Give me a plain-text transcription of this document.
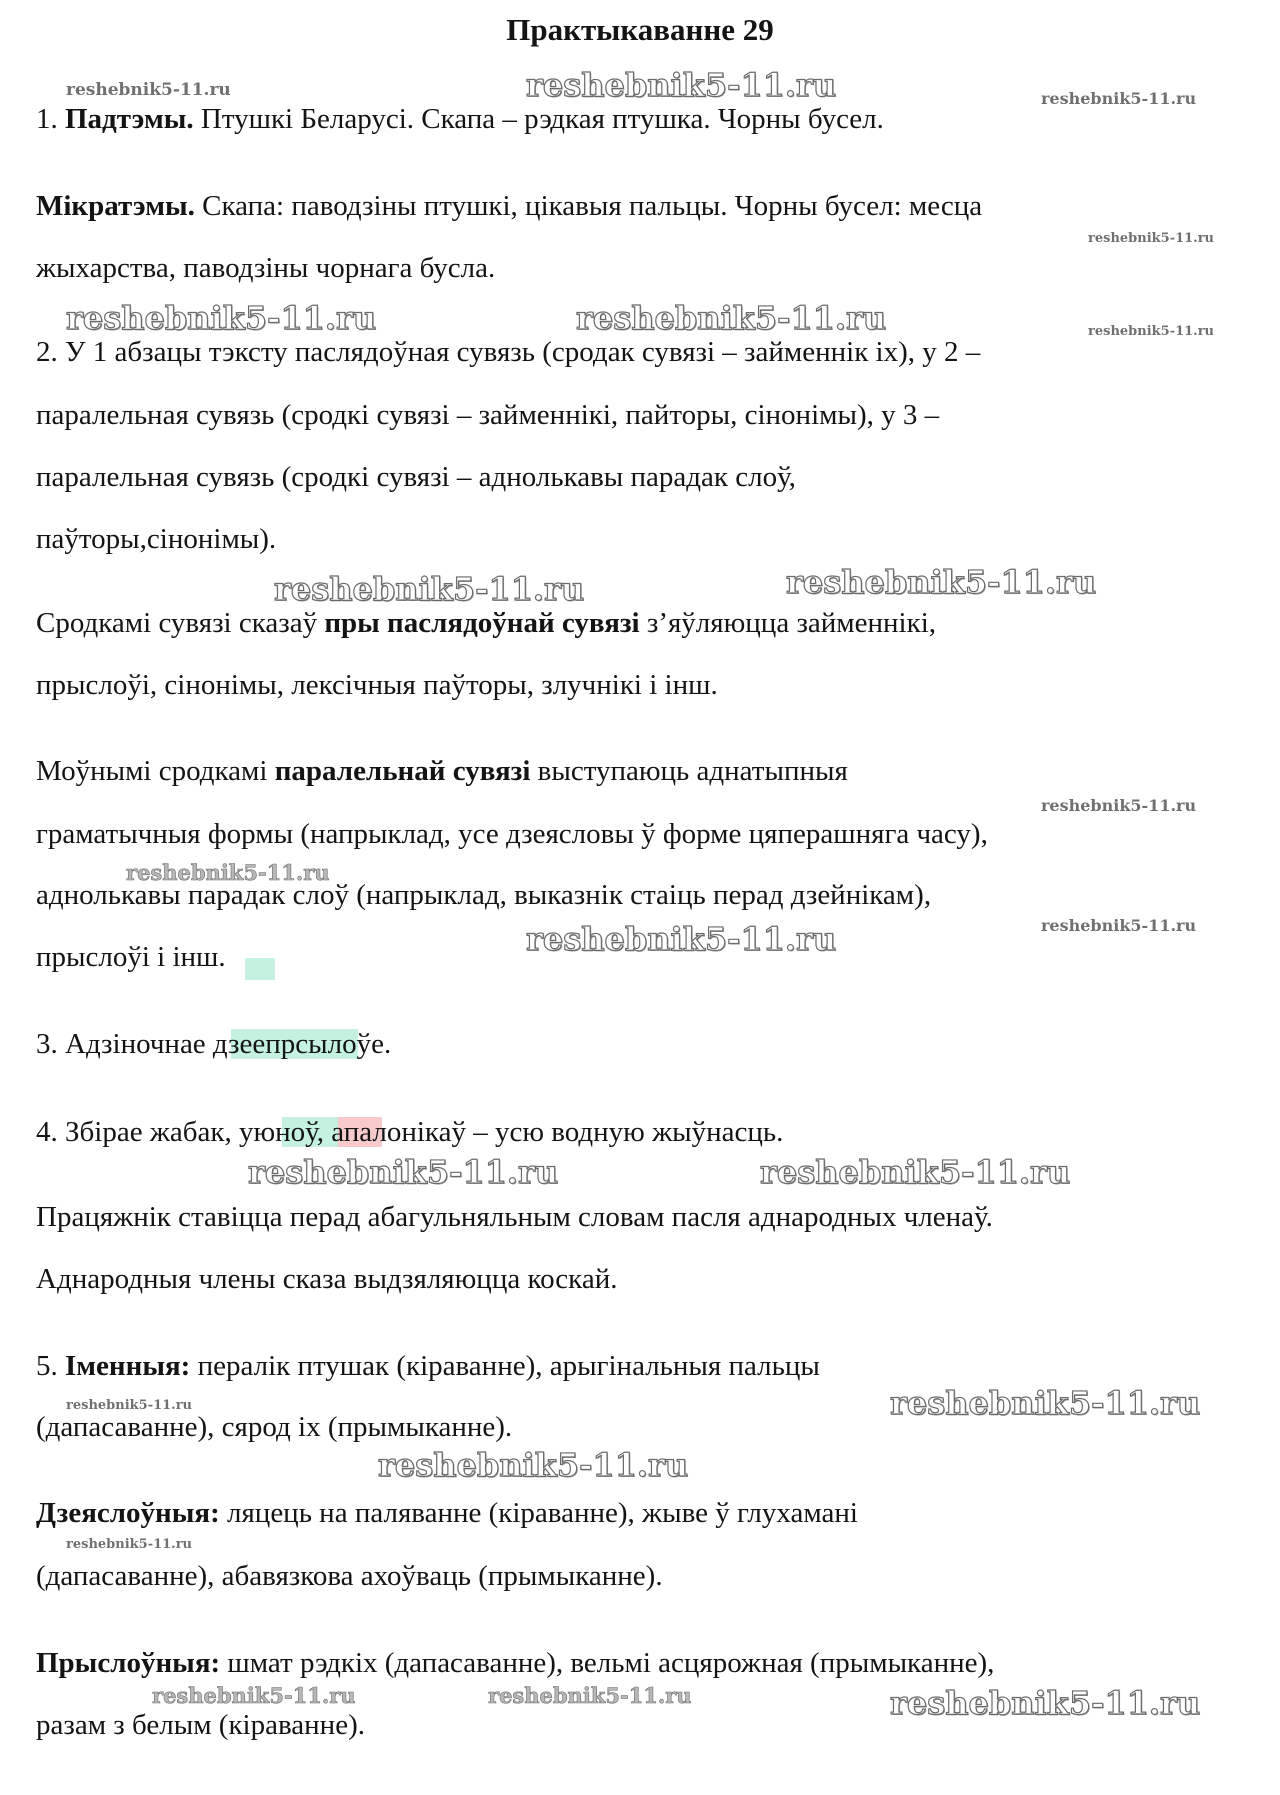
Практыкаванне 29
1. Падтэмы. Птушкі Беларусі. Скапа – рэдкая птушка. Чорны бусел.
Мікратэмы. Скапа: паводзіны птушкі, цікавыя пальцы. Чорны бусел: месца
жыхарства, паводзіны чорнага бусла.
2. У 1 абзацы тэксту паслядоўная сувязь (сродак сувязі – займеннік іх), у 2 –
паралельная сувязь (сродкі сувязі – займеннікі, пайторы, сінонімы), у 3 –
паралельная сувязь (сродкі сувязі – аднолькавы парадак слоў,
паўторы,сінонімы).
Сродкамі сувязі сказаў пры паслядоўнай сувязі з’яўляюцца займеннікі,
прыслоўі, сінонімы, лексічныя паўторы, злучнікі і інш.
Моўнымі сродкамі паралельнай сувязі выступаюць аднатыпныя
граматычныя формы (напрыклад, усе дзеясловы ў форме цяперашняга часу),
аднолькавы парадак слоў (напрыклад, выказнік стаіць перад дзейнікам),
прыслоўі і інш.
3. Адзіночнае дзеепрсылоўе.
4. Збірае жабак, уюноў, апалонікаў – усю водную жыўнасць.
Працяжнік ставіцца перад абагульняльным словам пасля аднародных членаў.
Аднародныя члены сказа выдзяляюцца коскай.
5. Іменныя: пералік птушак (кіраванне), арыгінальныя пальцы
(дапасаванне), сярод іх (прымыканне).
Дзеяслоўныя: ляцець на паляванне (кіраванне), жыве ў глухамані
(дапасаванне), абавязкова ахоўваць (прымыканне).
Прыслоўныя: шмат рэдкіх (дапасаванне), вельмі асцярожная (прымыканне),
разам з белым (кіраванне).
reshebnik5-11.ru	reshebnik5-11.ru	reshebnik5-11.ru
reshebnik5-11.ru
reshebnik5-11.ru	reshebnik5-11.ru	reshebnik5-11.ru
reshebnik5-11.ru	reshebnik5-11.ru
reshebnik5-11.ru
reshebnik5-11.ru
reshebnik5-11.ru
reshebnik5-11.ru
reshebnik5-11.ru	reshebnik5-11.ru
reshebnik5-11.ru	reshebnik5-11.ru
reshebnik5-11.ru
reshebnik5-11.ru
reshebnik5-11.ru	reshebnik5-11.ru	reshebnik5-11.ru
